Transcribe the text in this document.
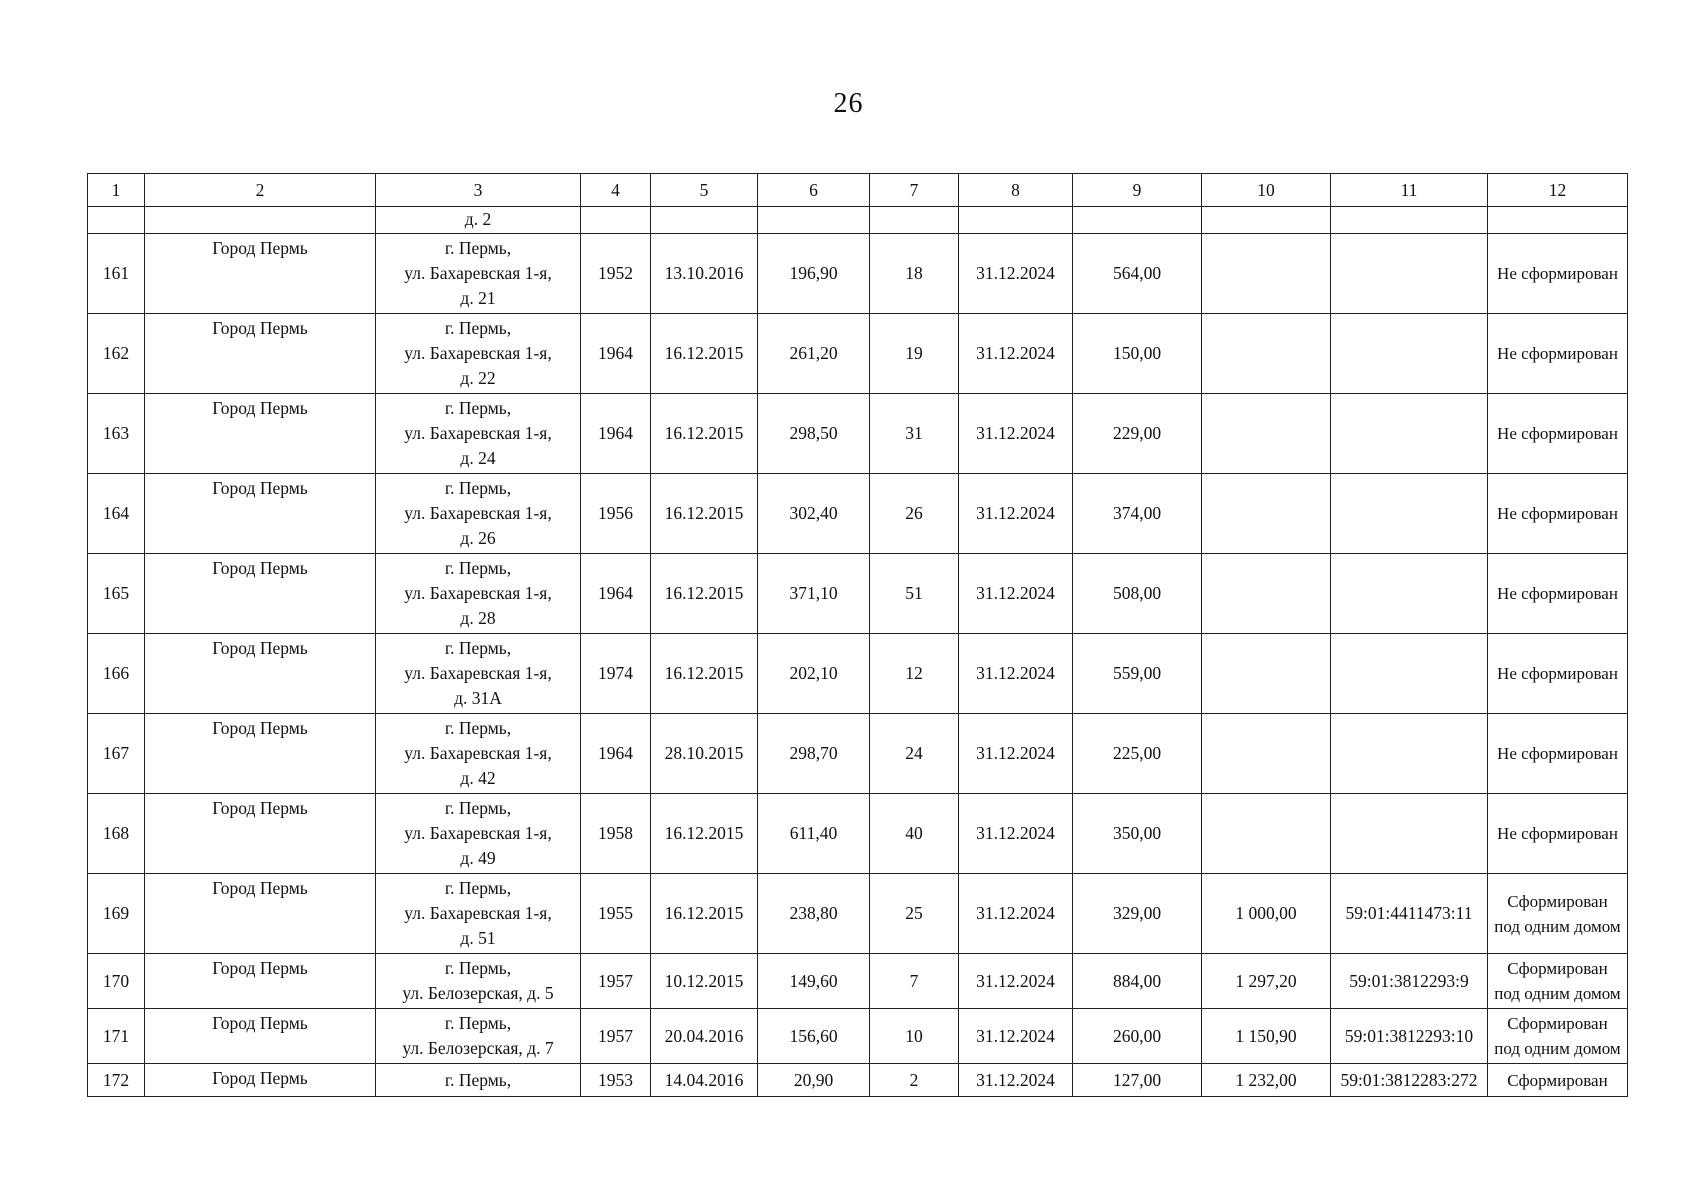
26
1	2	3	4	5	6	7	8	9	10	11	12
		д. 2									
161	Город Пермь	г. Пермь,
ул. Бахаревская 1-я,
д. 21	1952	13.10.2016	196,90	18	31.12.2024	564,00			Не сформирован

162	Город Пермь	г. Пермь,
ул. Бахаревская 1-я,
д. 22	1964	16.12.2015	261,20	19	31.12.2024	150,00			Не сформирован

163	Город Пермь	г. Пермь,
ул. Бахаревская 1-я,
д. 24	1964	16.12.2015	298,50	31	31.12.2024	229,00			Не сформирован

164	Город Пермь	г. Пермь,
ул. Бахаревская 1-я,
д. 26	1956	16.12.2015	302,40	26	31.12.2024	374,00			Не сформирован

165	Город Пермь	г. Пермь,
ул. Бахаревская 1-я,
д. 28	1964	16.12.2015	371,10	51	31.12.2024	508,00			Не сформирован

166	Город Пермь	г. Пермь,
ул. Бахаревская 1-я,
д. 31А	1974	16.12.2015	202,10	12	31.12.2024	559,00			Не сформирован

167	Город Пермь	г. Пермь,
ул. Бахаревская 1-я,
д. 42	1964	28.10.2015	298,70	24	31.12.2024	225,00			Не сформирован

168	Город Пермь	г. Пермь,
ул. Бахаревская 1-я,
д. 49	1958	16.12.2015	611,40	40	31.12.2024	350,00			Не сформирован

169	Город Пермь	г. Пермь,
ул. Бахаревская 1-я,
д. 51	1955	16.12.2015	238,80	25	31.12.2024	329,00	1 000,00	59:01:4411473:11	Сформирован
под одним домом

170	Город Пермь	г. Пермь,
ул. Белозерская, д. 5	1957	10.12.2015	149,60	7	31.12.2024	884,00	1 297,20	59:01:3812293:9	Сформирован
под одним домом

171	Город Пермь	г. Пермь,
ул. Белозерская, д. 7	1957	20.04.2016	156,60	10	31.12.2024	260,00	1 150,90	59:01:3812293:10	Сформирован
под одним домом

172	Город Пермь	г. Пермь,	1953	14.04.2016	20,90	2	31.12.2024	127,00	1 232,00	59:01:3812283:272	Сформирован
